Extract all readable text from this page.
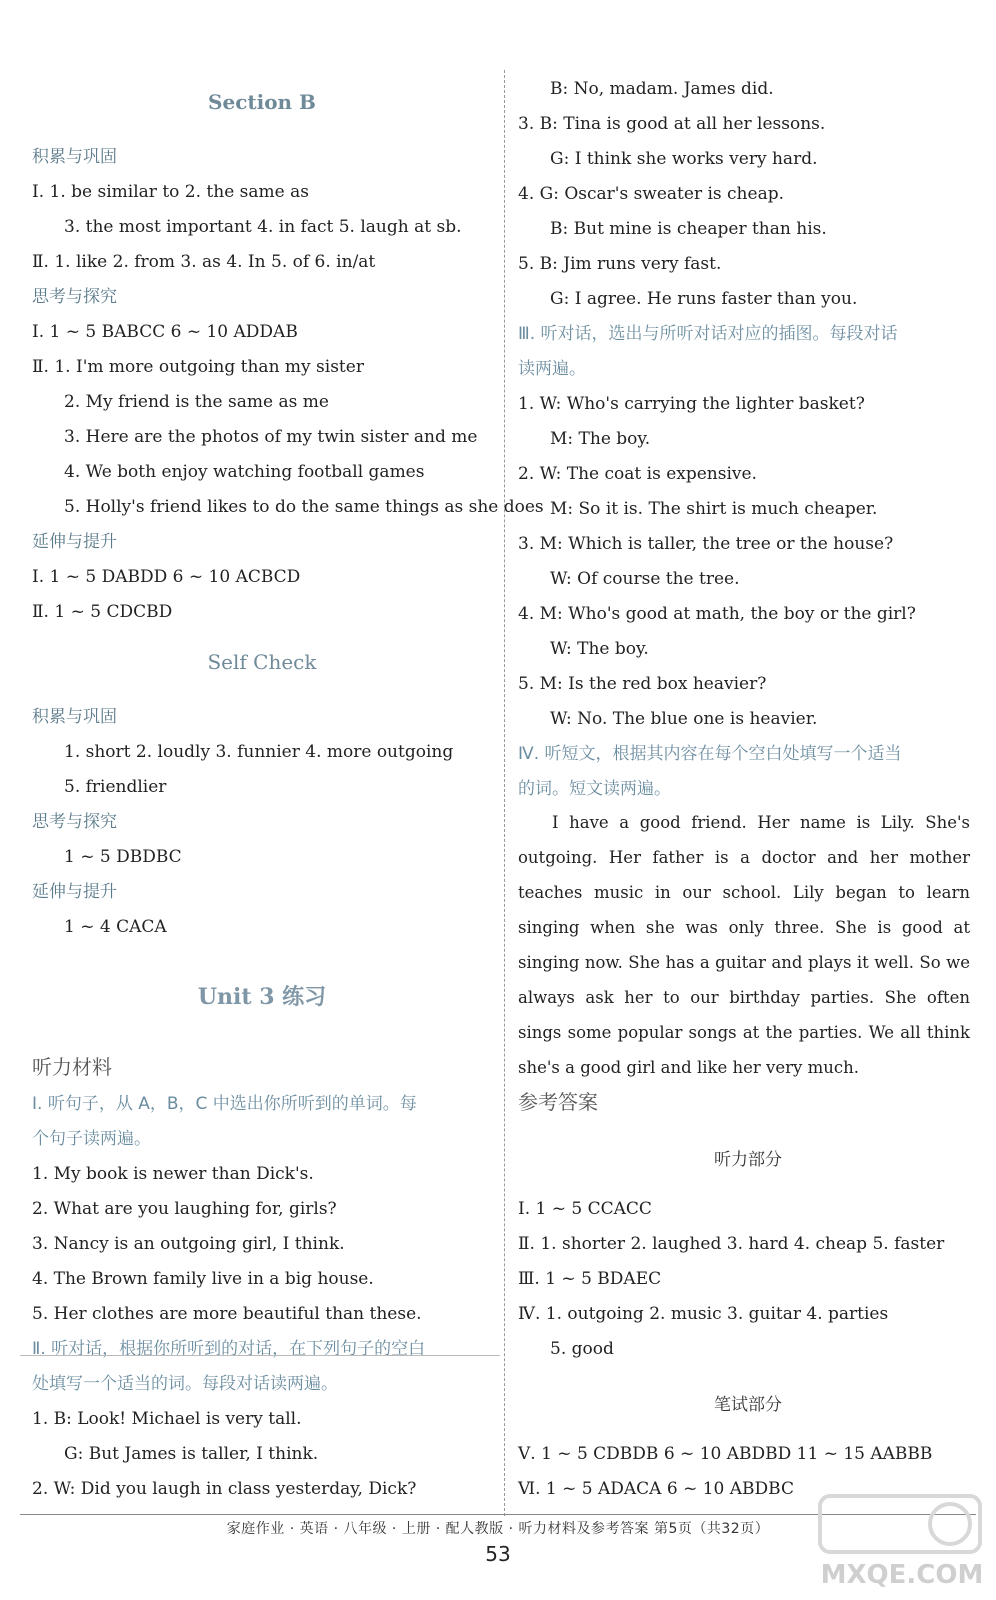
Section B
积累与巩固
Ⅰ. 1. be similar to 2. the same as
3. the most important 4. in fact 5. laugh at sb.
Ⅱ. 1. like 2. from 3. as 4. In 5. of 6. in/at
思考与探究
Ⅰ. 1 ~ 5 BABCC 6 ~ 10 ADDAB
Ⅱ. 1. I'm more outgoing than my sister
2. My friend is the same as me
3. Here are the photos of my twin sister and me
4. We both enjoy watching football games
5. Holly's friend likes to do the same things as she does
延伸与提升
Ⅰ. 1 ~ 5 DABDD 6 ~ 10 ACBCD
Ⅱ. 1 ~ 5 CDCBD
Self Check
积累与巩固
1. short 2. loudly 3. funnier 4. more outgoing
5. friendlier
思考与探究
1 ~ 5 DBDBC
延伸与提升
1 ~ 4 CACA
Unit 3 练习
听力材料
Ⅰ. 听句子，从 A，B，C 中选出你所听到的单词。每
个句子读两遍。
1. My book is newer than Dick's.
2. What are you laughing for, girls?
3. Nancy is an outgoing girl, I think.
4. The Brown family live in a big house.
5. Her clothes are more beautiful than these.
Ⅱ. 听对话，根据你所听到的对话，在下列句子的空白
处填写一个适当的词。每段对话读两遍。
1. B: Look! Michael is very tall.
G: But James is taller, I think.
2. W: Did you laugh in class yesterday, Dick?
B: No, madam. James did.
3. B: Tina is good at all her lessons.
G: I think she works very hard.
4. G: Oscar's sweater is cheap.
B: But mine is cheaper than his.
5. B: Jim runs very fast.
G: I agree. He runs faster than you.
Ⅲ. 听对话，选出与所听对话对应的插图。每段对话
读两遍。
1. W: Who's carrying the lighter basket?
M: The boy.
2. W: The coat is expensive.
M: So it is. The shirt is much cheaper.
3. M: Which is taller, the tree or the house?
W: Of course the tree.
4. M: Who's good at math, the boy or the girl?
W: The boy.
5. M: Is the red box heavier?
W: No. The blue one is heavier.
Ⅳ. 听短文，根据其内容在每个空白处填写一个适当
的词。短文读两遍。
I have a good friend. Her name is Lily. She's outgoing. Her father is a doctor and her mother teaches music in our school. Lily began to learn singing when she was only three. She is good at singing now. She has a guitar and plays it well. So we always ask her to our birthday parties. She often sings some popular songs at the parties. We all think she's a good girl and like her very much.
参考答案
听力部分
Ⅰ. 1 ~ 5 CCACC
Ⅱ. 1. shorter 2. laughed 3. hard 4. cheap 5. faster
Ⅲ. 1 ~ 5 BDAEC
Ⅳ. 1. outgoing 2. music 3. guitar 4. parties
5. good
笔试部分
Ⅴ. 1 ~ 5 CDBDB 6 ~ 10 ABDBD 11 ~ 15 AABBB
Ⅵ. 1 ~ 5 ADACA 6 ~ 10 ABDBC
家庭作业 · 英语 · 八年级 · 上册 · 配人教版 · 听力材料及参考答案 第5页（共32页）
53
MXQE.COM
